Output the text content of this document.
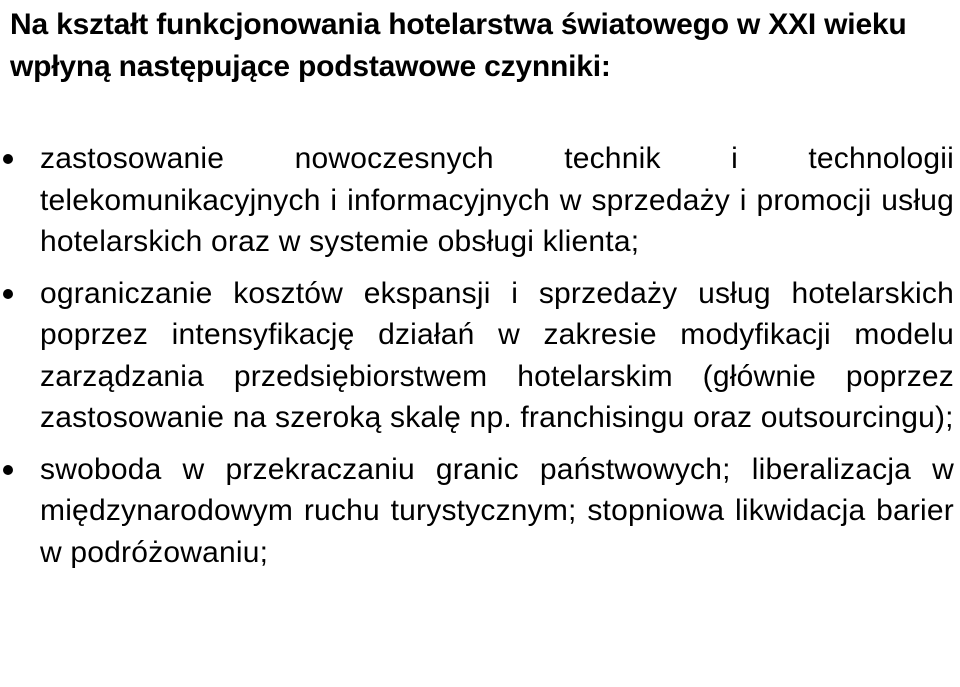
Na kształt funkcjonowania hotelarstwa światowego w XXI wieku wpłyną następujące podstawowe czynniki:
zastosowanie nowoczesnych technik i technologii telekomunikacyjnych i informacyjnych w sprzedaży i promocji usług hotelarskich oraz w systemie obsługi klienta;
ograniczanie kosztów ekspansji i sprzedaży usług hotelarskich poprzez intensyfikację działań w zakresie modyfikacji modelu zarządzania przedsiębiorstwem hotelarskim (głównie poprzez zastosowanie na szeroką skalę np. franchisingu oraz outsourcingu);
swoboda w przekraczaniu granic państwowych; liberalizacja w międzynarodowym ruchu turystycznym; stopniowa likwidacja barier w podróżowaniu;
